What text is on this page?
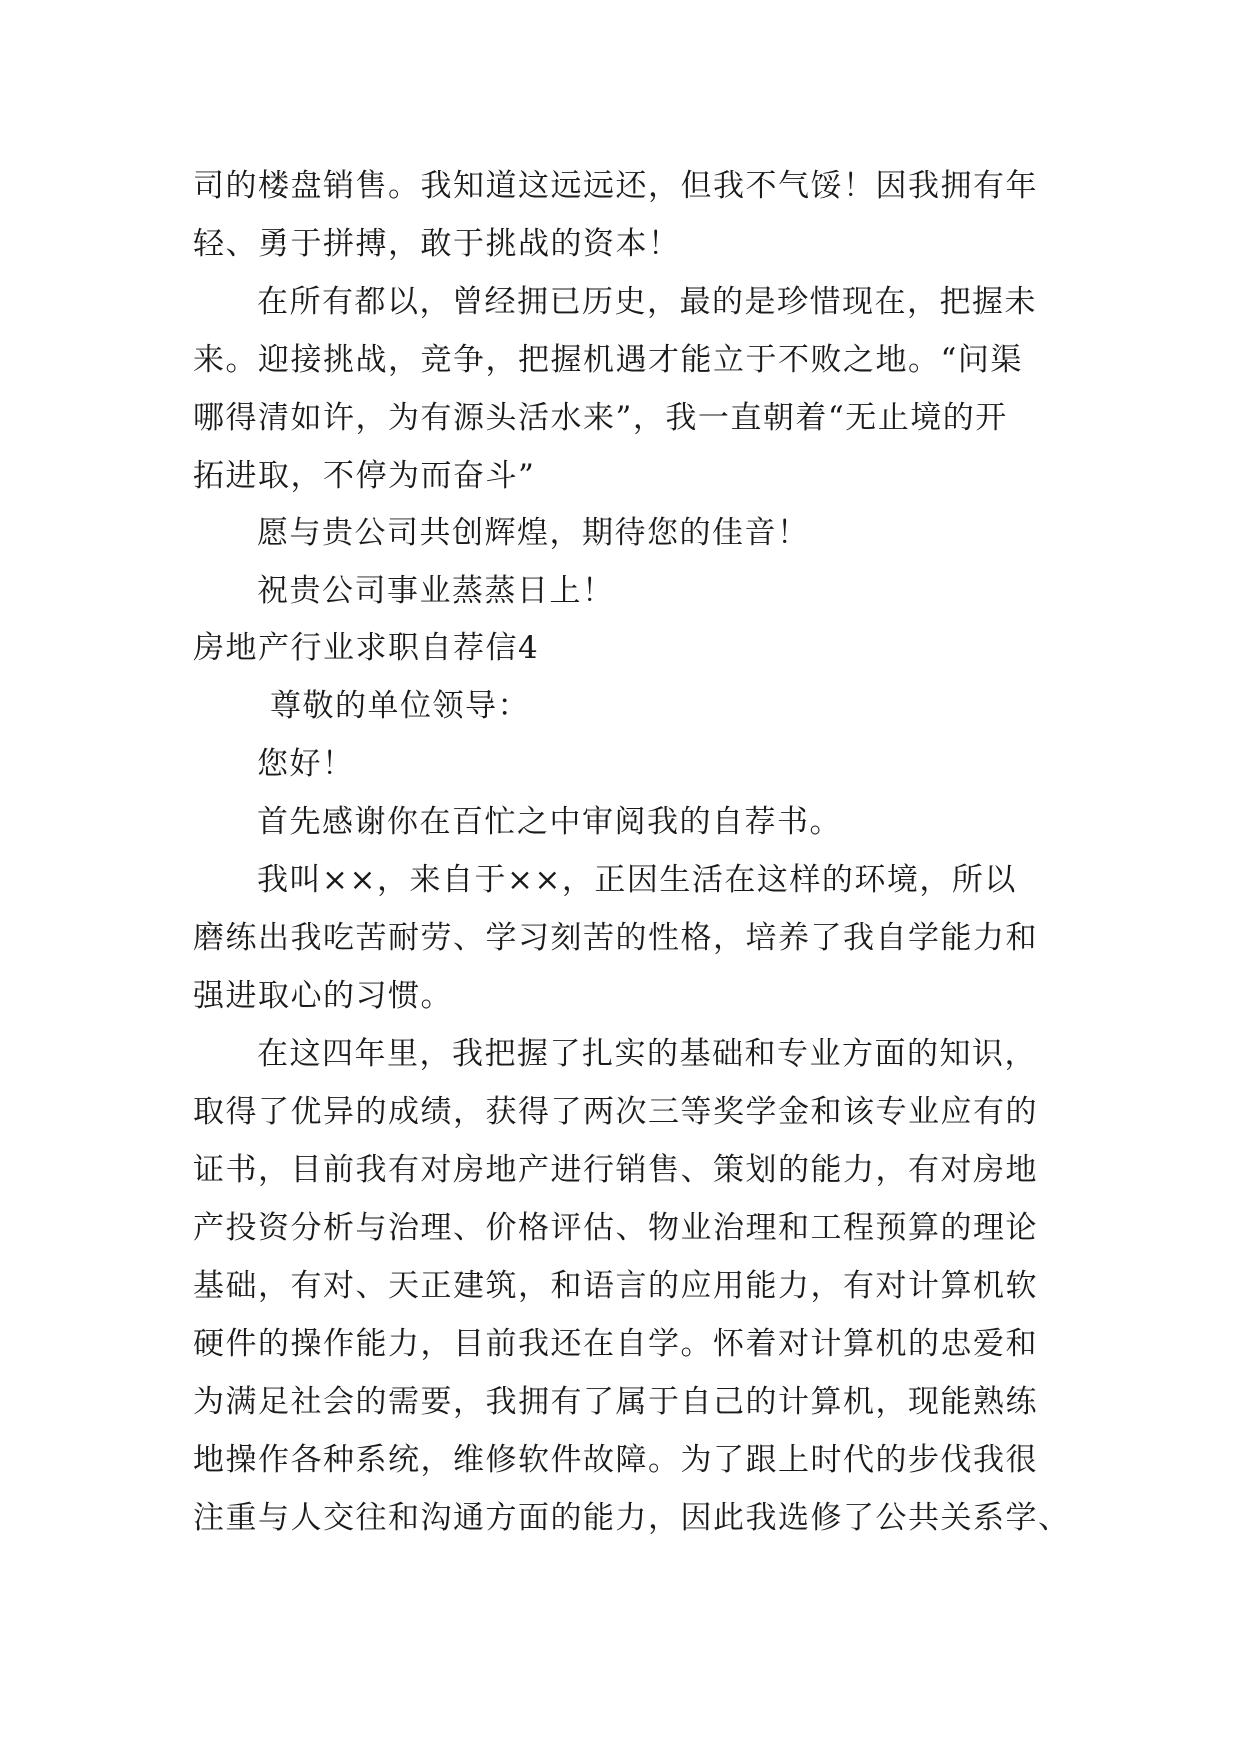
司的楼盘销售。我知道这远远还，但我不气馁！因我拥有年
轻、勇于拼搏，敢于挑战的资本！
在所有都以，曾经拥已历史，最的是珍惜现在，把握未
来。迎接挑战，竞争，把握机遇才能立于不败之地。“问渠
哪得清如许，为有源头活水来”，我一直朝着“无止境的开
拓进取，不停为而奋斗”
愿与贵公司共创辉煌，期待您的佳音！
祝贵公司事业蒸蒸日上！
房地产行业求职自荐信4
尊敬的单位领导：
您好！
首先感谢你在百忙之中审阅我的自荐书。
我叫××，来自于××，正因生活在这样的环境，所以
磨练出我吃苦耐劳、学习刻苦的性格，培养了我自学能力和
强进取心的习惯。
在这四年里，我把握了扎实的基础和专业方面的知识，
取得了优异的成绩，获得了两次三等奖学金和该专业应有的
证书，目前我有对房地产进行销售、策划的能力，有对房地
产投资分析与治理、价格评估、物业治理和工程预算的理论
基础，有对、天正建筑，和语言的应用能力，有对计算机软
硬件的操作能力，目前我还在自学。怀着对计算机的忠爱和
为满足社会的需要，我拥有了属于自己的计算机，现能熟练
地操作各种系统，维修软件故障。为了跟上时代的步伐我很
注重与人交往和沟通方面的能力，因此我选修了公共关系学、
